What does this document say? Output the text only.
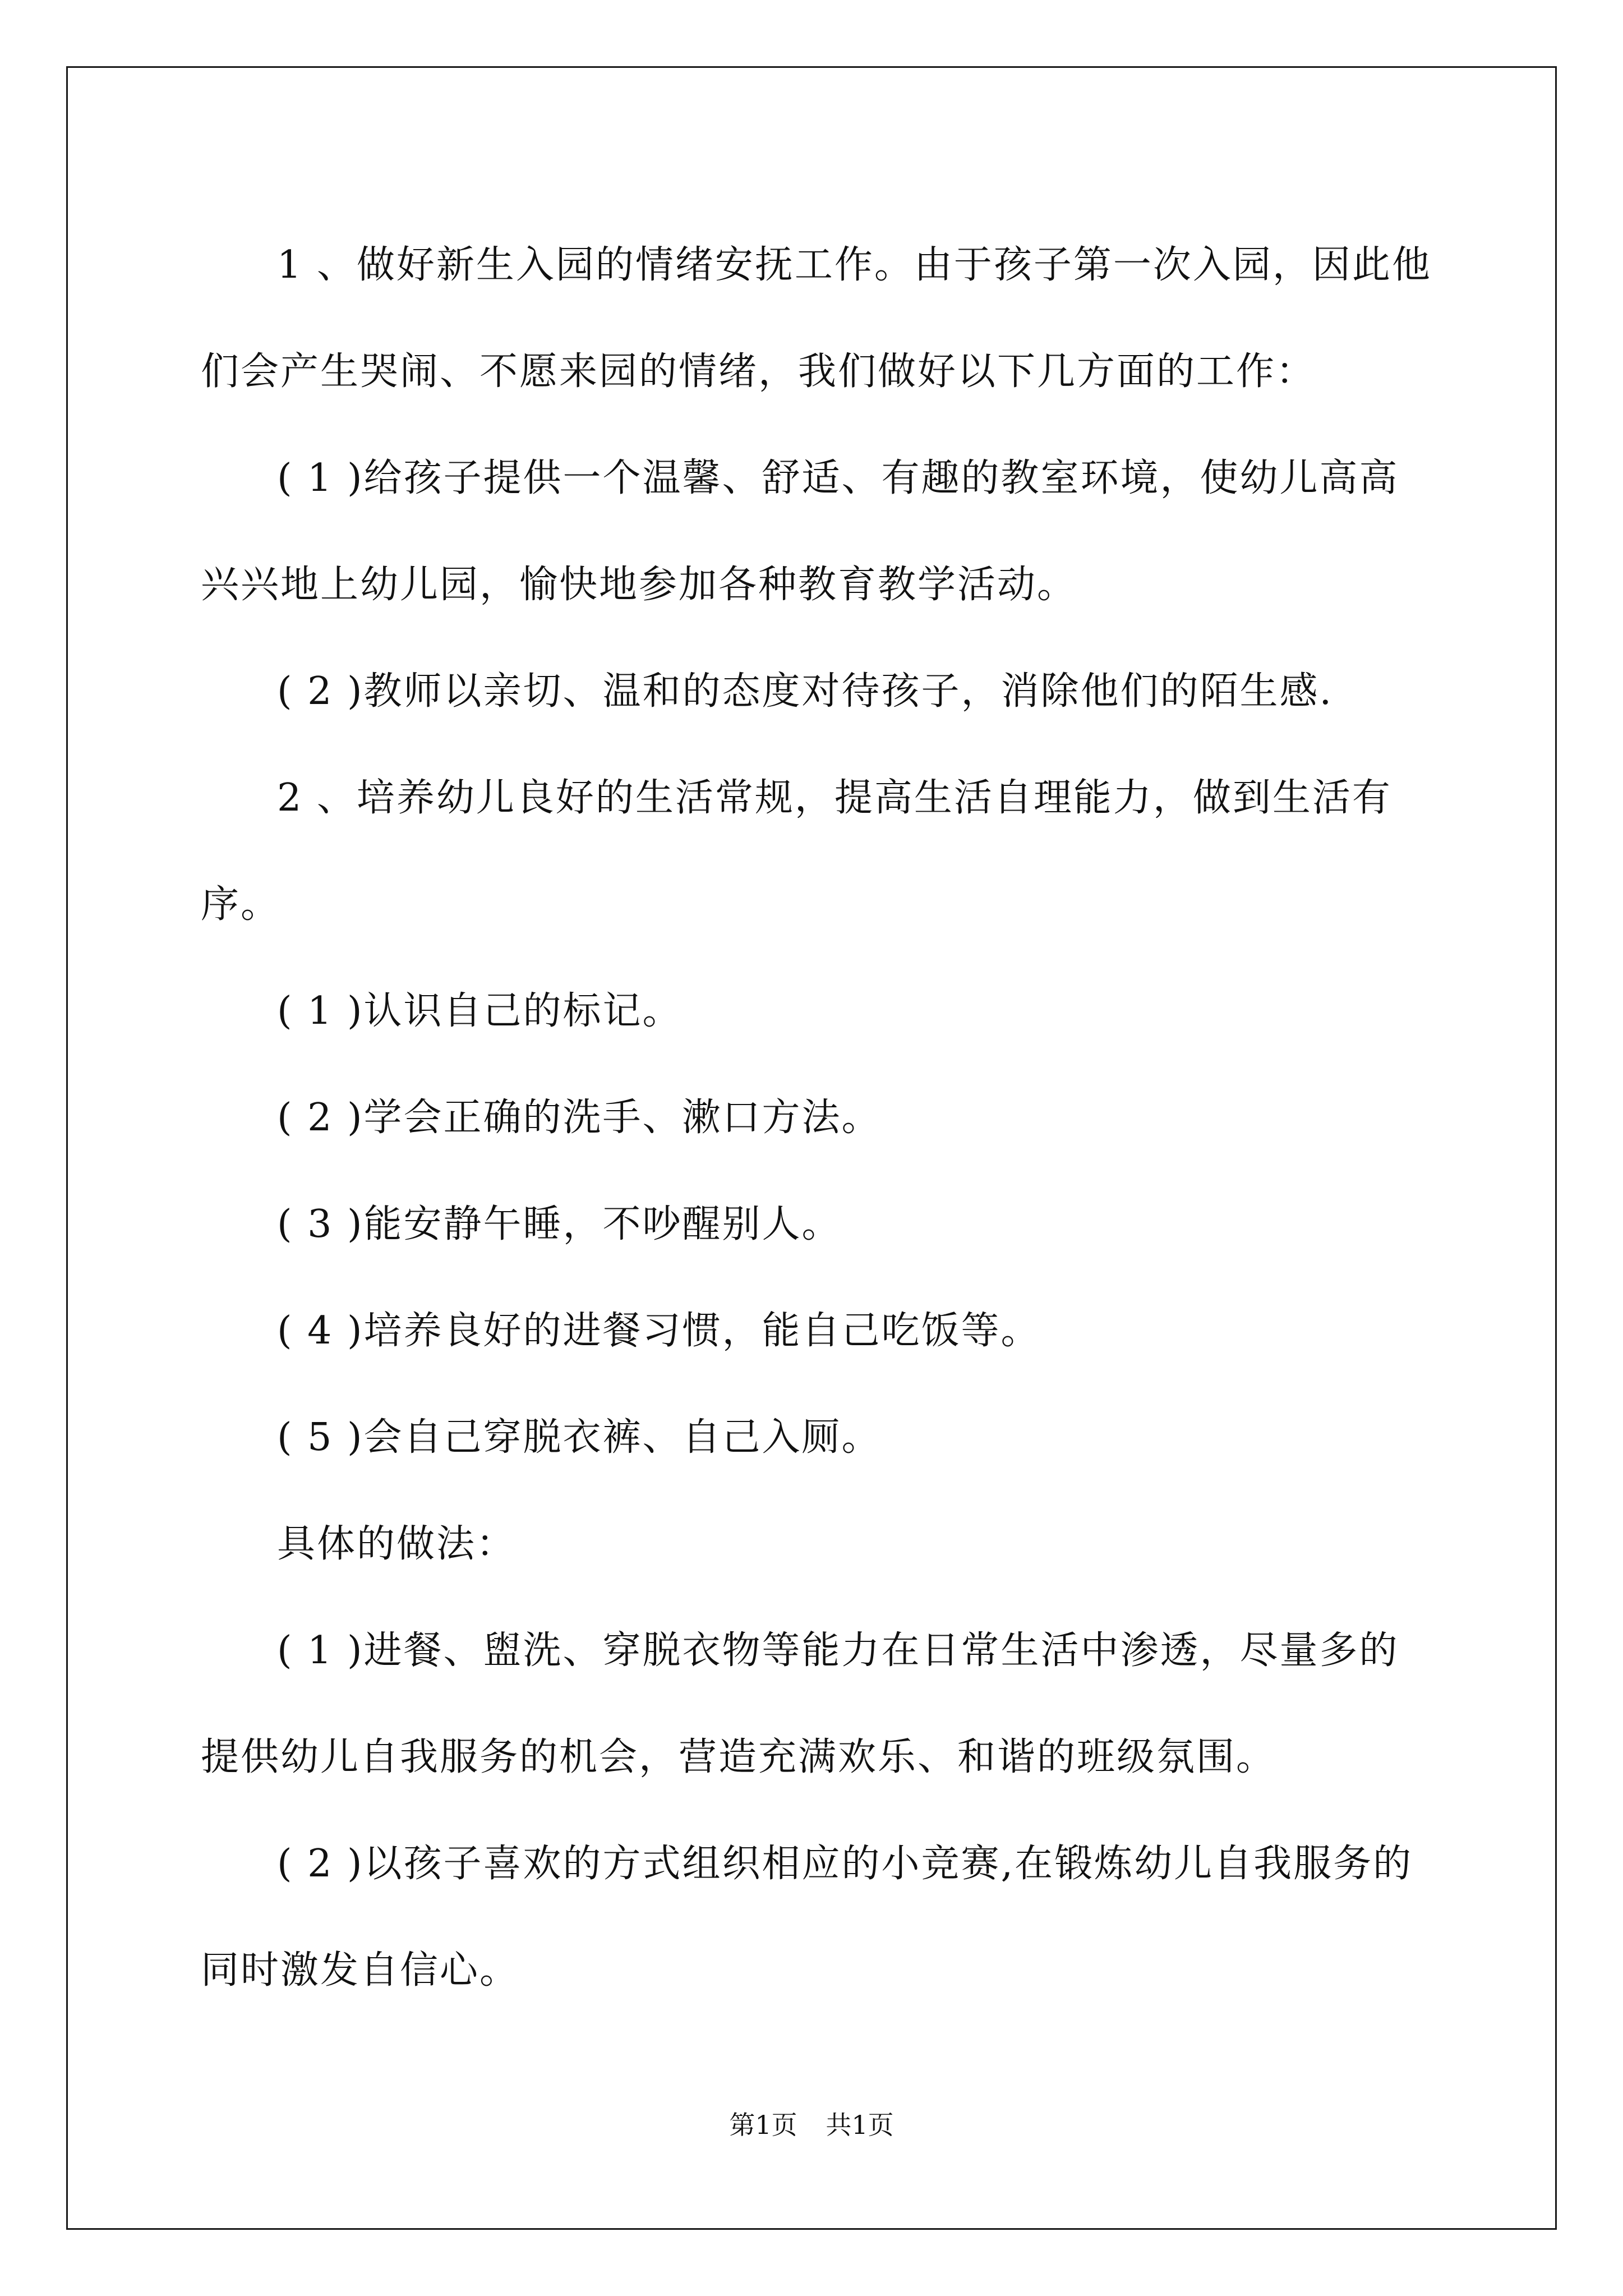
1 、做好新生入园的情绪安抚工作。由于孩子第一次入园，因此他们会产生哭闹、不愿来园的情绪，我们做好以下几方面的工作：

( 1 )给孩子提供一个温馨、舒适、有趣的教室环境，使幼儿高高兴兴地上幼儿园，愉快地参加各种教育教学活动。

( 2 )教师以亲切、温和的态度对待孩子，消除他们的陌生感.

2 、培养幼儿良好的生活常规，提高生活自理能力，做到生活有序。

( 1 )认识自己的标记。

( 2 )学会正确的洗手、漱口方法。

( 3 )能安静午睡，不吵醒别人。

( 4 )培养良好的进餐习惯，能自己吃饭等。

( 5 )会自己穿脱衣裤、自己入厕。

具体的做法：

( 1 )进餐、盥洗、穿脱衣物等能力在日常生活中渗透，尽量多的提供幼儿自我服务的机会，营造充满欢乐、和谐的班级氛围。

( 2 )以孩子喜欢的方式组织相应的小竞赛,在锻炼幼儿自我服务的同时激发自信心。

第1页 共1页
